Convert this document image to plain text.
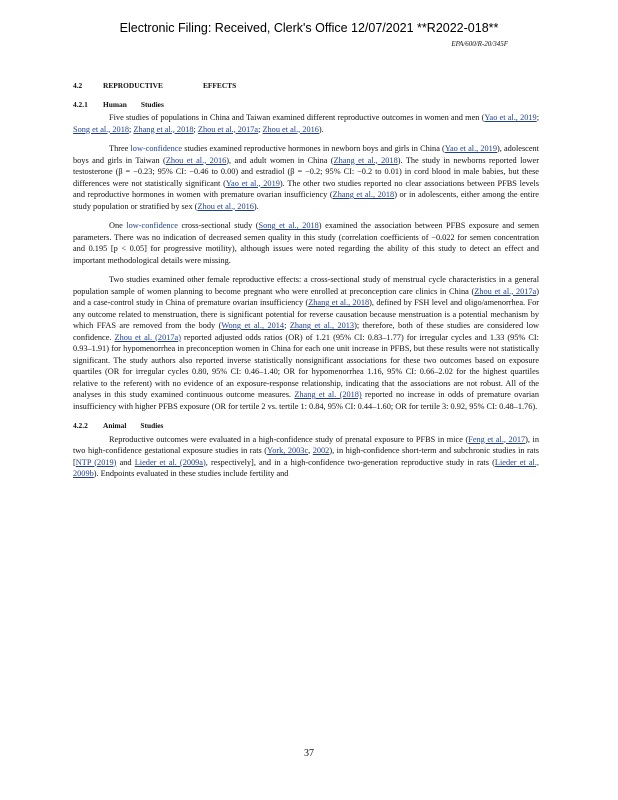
Electronic Filing: Received, Clerk's Office 12/07/2021 **R2022-018**
EPA/600/R-20/345F
4.2	REPRODUCTIVE	EFFECTS
4.2.1	Human Studies

Five studies of populations in China and Taiwan examined different reproductive outcomes in women and men (Yao et al., 2019; Song et al., 2018; Zhang et al., 2018; Zhou et al., 2017a; Zhou et al., 2016).

Three low-confidence studies examined reproductive hormones in newborn boys and girls in China (Yao et al., 2019), adolescent boys and girls in Taiwan (Zhou et al., 2016), and adult women in China (Zhang et al., 2018). The study in newborns reported lower testosterone (β = −0.23; 95% CI: −0.46 to 0.00) and estradiol (β = −0.2; 95% CI: −0.2 to 0.01) in cord blood in male babies, but these differences were not statistically significant (Yao et al., 2019). The other two studies reported no clear associations between PFBS levels and reproductive hormones in women with premature ovarian insufficiency (Zhang et al., 2018) or in adolescents, either among the entire study population or stratified by sex (Zhou et al., 2016).

One low-confidence cross-sectional study (Song et al., 2018) examined the association between PFBS exposure and semen parameters. There was no indication of decreased semen quality in this study (correlation coefficients of −0.022 for semen concentration and 0.195 [p < 0.05] for progressive motility), although issues were noted regarding the ability of this study to detect an effect and important methodological details were missing.

Two studies examined other female reproductive effects: a cross-sectional study of menstrual cycle characteristics in a general population sample of women planning to become pregnant who were enrolled at preconception care clinics in China (Zhou et al., 2017a) and a case-control study in China of premature ovarian insufficiency (Zhang et al., 2018), defined by FSH level and oligo/amenorrhea. For any outcome related to menstruation, there is significant potential for reverse causation because menstruation is a potential mechanism by which FFAS are removed from the body (Wong et al., 2014; Zhang et al., 2013); therefore, both of these studies are considered low confidence. Zhou et al. (2017a) reported adjusted odds ratios (OR) of 1.21 (95% CI: 0.83–1.77) for irregular cycles and 1.33 (95% CI: 0.93–1.91) for hypomenorrhea in preconception women in China for each one unit increase in PFBS, but these results were not statistically significant. The study authors also reported inverse statistically nonsignificant associations for these two outcomes based on exposure quartiles (OR for irregular cycles 0.80, 95% CI: 0.46–1.40; OR for hypomenorrhea 1.16, 95% CI: 0.66–2.02 for the highest quartiles relative to the referent) with no evidence of an exposure-response relationship, indicating that the associations are not robust. All of the analyses in this study examined continuous outcome measures. Zhang et al. (2018) reported no increase in odds of premature ovarian insufficiency with higher PFBS exposure (OR for tertile 2 vs. tertile 1: 0.84, 95% CI: 0.44–1.60; OR for tertile 3: 0.92, 95% CI: 0.48–1.76).

4.2.2	Animal Studies

Reproductive outcomes were evaluated in a high-confidence study of prenatal exposure to PFBS in mice (Feng et al., 2017), in two high-confidence gestational exposure studies in rats (York, 2003c, 2002), in high-confidence short-term and subchronic studies in rats [NTP (2019) and Lieder et al. (2009a), respectively], and in a high-confidence two-generation reproductive study in rats (Lieder et al., 2009b). Endpoints evaluated in these studies include fertility and

37
